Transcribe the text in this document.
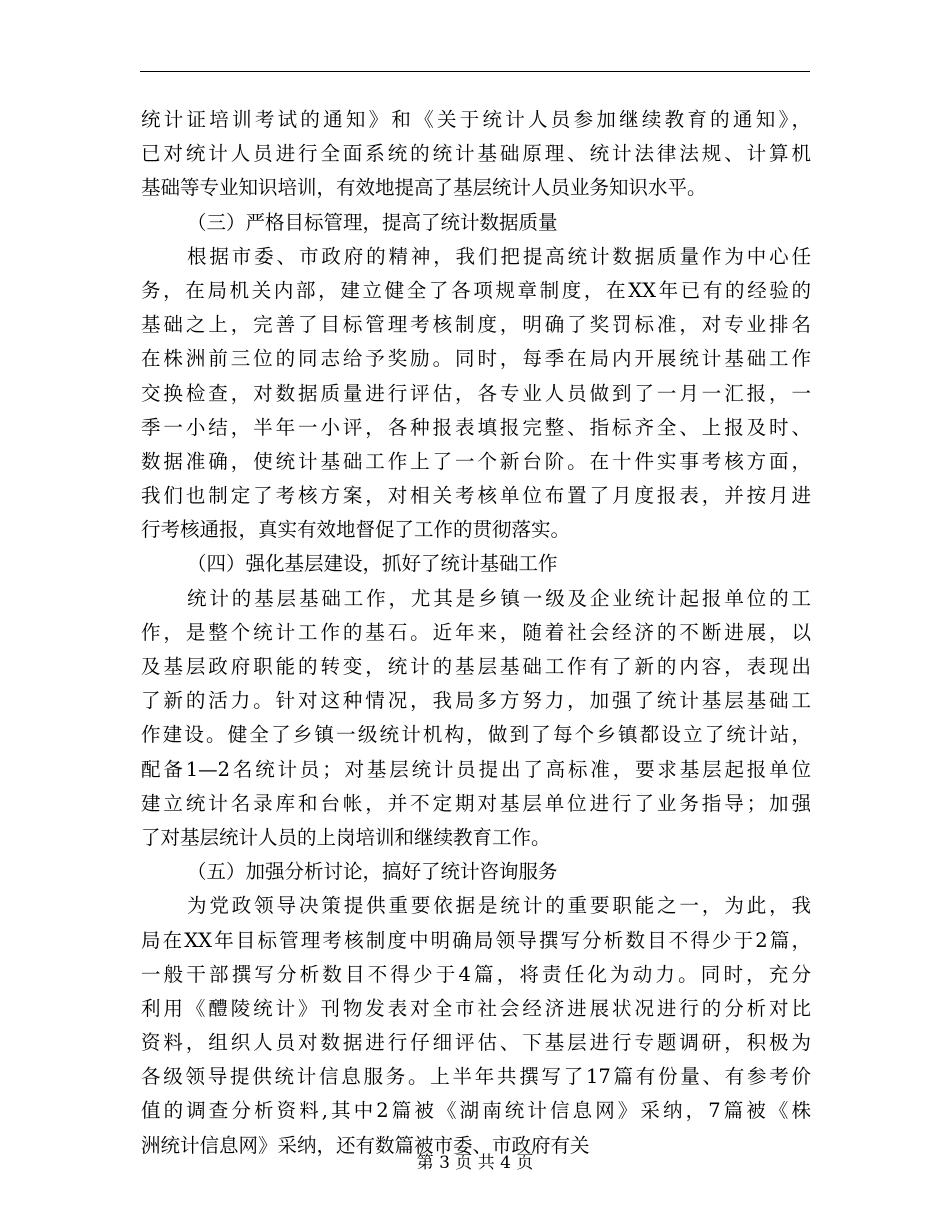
统计证培训考试的通知》和《关于统计人员参加继续教育的通知》，
已对统计人员进行全面系统的统计基础原理、统计法律法规、计算机
基础等专业知识培训，有效地提高了基层统计人员业务知识水平。
（三）严格目标管理，提高了统计数据质量
根据市委、市政府的精神，我们把提高统计数据质量作为中心任
务，在局机关内部，建立健全了各项规章制度，在XX年已有的经验的
基础之上，完善了目标管理考核制度，明确了奖罚标准，对专业排名
在株洲前三位的同志给予奖励。同时，每季在局内开展统计基础工作
交换检查，对数据质量进行评估，各专业人员做到了一月一汇报，一
季一小结，半年一小评，各种报表填报完整、指标齐全、上报及时、
数据准确，使统计基础工作上了一个新台阶。在十件实事考核方面，
我们也制定了考核方案，对相关考核单位布置了月度报表，并按月进
行考核通报，真实有效地督促了工作的贯彻落实。
（四）强化基层建设，抓好了统计基础工作
统计的基层基础工作，尤其是乡镇一级及企业统计起报单位的工
作，是整个统计工作的基石。近年来，随着社会经济的不断进展，以
及基层政府职能的转变，统计的基层基础工作有了新的内容，表现出
了新的活力。针对这种情况，我局多方努力，加强了统计基层基础工
作建设。健全了乡镇一级统计机构，做到了每个乡镇都设立了统计站，
配备1—2名统计员；对基层统计员提出了高标准，要求基层起报单位
建立统计名录库和台帐，并不定期对基层单位进行了业务指导；加强
了对基层统计人员的上岗培训和继续教育工作。
（五）加强分析讨论，搞好了统计咨询服务
为党政领导决策提供重要依据是统计的重要职能之一，为此，我
局在XX年目标管理考核制度中明确局领导撰写分析数目不得少于2篇，
一般干部撰写分析数目不得少于4篇，将责任化为动力。同时，充分
利用《醴陵统计》刊物发表对全市社会经济进展状况进行的分析对比
资料，组织人员对数据进行仔细评估、下基层进行专题调研，积极为
各级领导提供统计信息服务。上半年共撰写了17篇有份量、有参考价
值的调查分析资料,其中2篇被《湖南统计信息网》采纳，7篇被《株
洲统计信息网》采纳，还有数篇被市委、市政府有关
第 3 页 共 4 页
